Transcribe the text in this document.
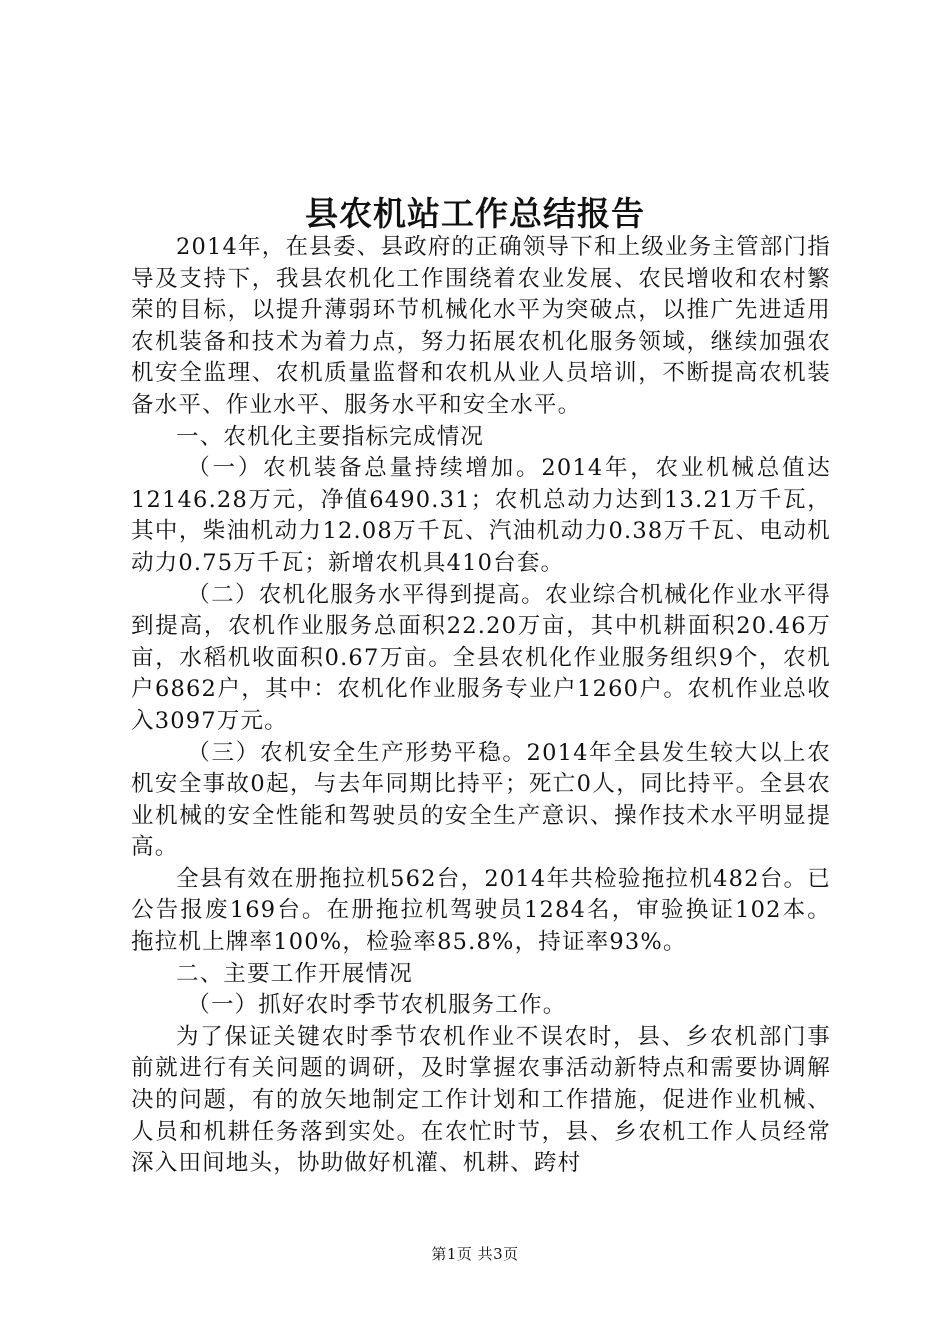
县农机站工作总结报告

2014年，在县委、县政府的正确领导下和上级业务主管部门指导及支持下，我县农机化工作围绕着农业发展、农民增收和农村繁荣的目标，以提升薄弱环节机械化水平为突破点，以推广先进适用农机装备和技术为着力点，努力拓展农机化服务领域，继续加强农机安全监理、农机质量监督和农机从业人员培训，不断提高农机装备水平、作业水平、服务水平和安全水平。

一、农机化主要指标完成情况

（一）农机装备总量持续增加。2014年，农业机械总值达12146.28万元，净值6490.31；农机总动力达到13.21万千瓦，其中，柴油机动力12.08万千瓦、汽油机动力0.38万千瓦、电动机动力0.75万千瓦；新增农机具410台套。

（二）农机化服务水平得到提高。农业综合机械化作业水平得到提高，农机作业服务总面积22.20万亩，其中机耕面积20.46万亩，水稻机收面积0.67万亩。全县农机化作业服务组织9个，农机户6862户，其中：农机化作业服务专业户1260户。农机作业总收入3097万元。

（三）农机安全生产形势平稳。2014年全县发生较大以上农机安全事故0起，与去年同期比持平；死亡0人，同比持平。全县农业机械的安全性能和驾驶员的安全生产意识、操作技术水平明显提高。

全县有效在册拖拉机562台，2014年共检验拖拉机482台。已公告报废169台。在册拖拉机驾驶员1284名，审验换证102本。拖拉机上牌率100%，检验率85.8%，持证率93%。

二、主要工作开展情况

（一）抓好农时季节农机服务工作。

为了保证关键农时季节农机作业不误农时，县、乡农机部门事前就进行有关问题的调研，及时掌握农事活动新特点和需要协调解决的问题，有的放矢地制定工作计划和工作措施，促进作业机械、人员和机耕任务落到实处。在农忙时节，县、乡农机工作人员经常深入田间地头，协助做好机灌、机耕、跨村

第1页 共3页
